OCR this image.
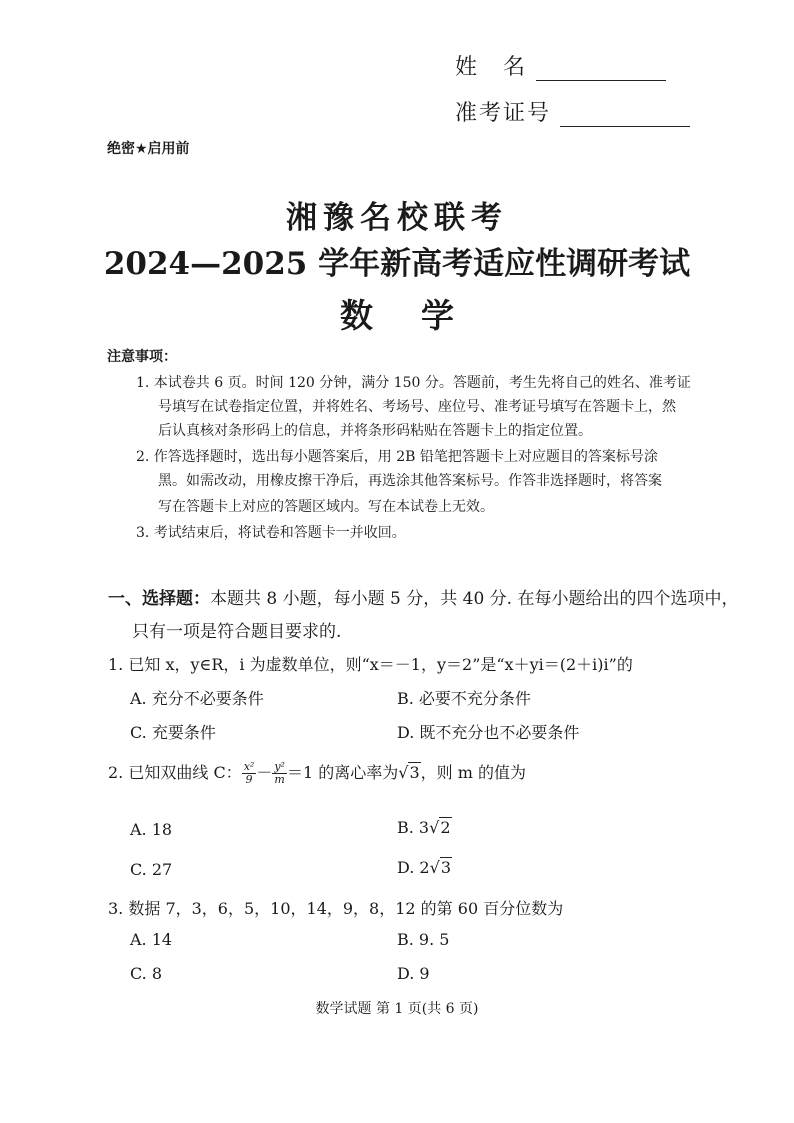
姓　名
准考证号
绝密★启用前
湘豫名校联考
2024—2025 学年新高考适应性调研考试
数学
注意事项：
1. 本试卷共 6 页。时间 120 分钟，满分 150 分。答题前，考生先将自己的姓名、准考证
号填写在试卷指定位置，并将姓名、考场号、座位号、准考证号填写在答题卡上，然
后认真核对条形码上的信息，并将条形码粘贴在答题卡上的指定位置。
2. 作答选择题时，选出每小题答案后，用 2B 铅笔把答题卡上对应题目的答案标号涂
黑。如需改动，用橡皮擦干净后，再选涂其他答案标号。作答非选择题时，将答案
写在答题卡上对应的答题区域内。写在本试卷上无效。
3. 考试结束后，将试卷和答题卡一并收回。
一、选择题：本题共 8 小题，每小题 5 分，共 40 分. 在每小题给出的四个选项中，
只有一项是符合题目要求的.
1. 已知 x，y∈R，i 为虚数单位，则“x＝－1，y＝2”是“x＋yi＝(2＋i)i”的
A. 充分不必要条件	B. 必要不充分条件
C. 充要条件	D. 既不充分也不必要条件
2. 已知双曲线 C： $\frac{\text{x²}}{9} - \frac{\text{y²}}{m} =1$ 的离心率为√3，则 m 的值为
A. 18	B. 3√2
C. 27	D. 2√3
3. 数据 7，3，6，5，10，14，9，8，12 的第 60 百分位数为
A. 14	B. 9. 5
C. 8	D. 9
数学试题 第 1 页(共 6 页)
